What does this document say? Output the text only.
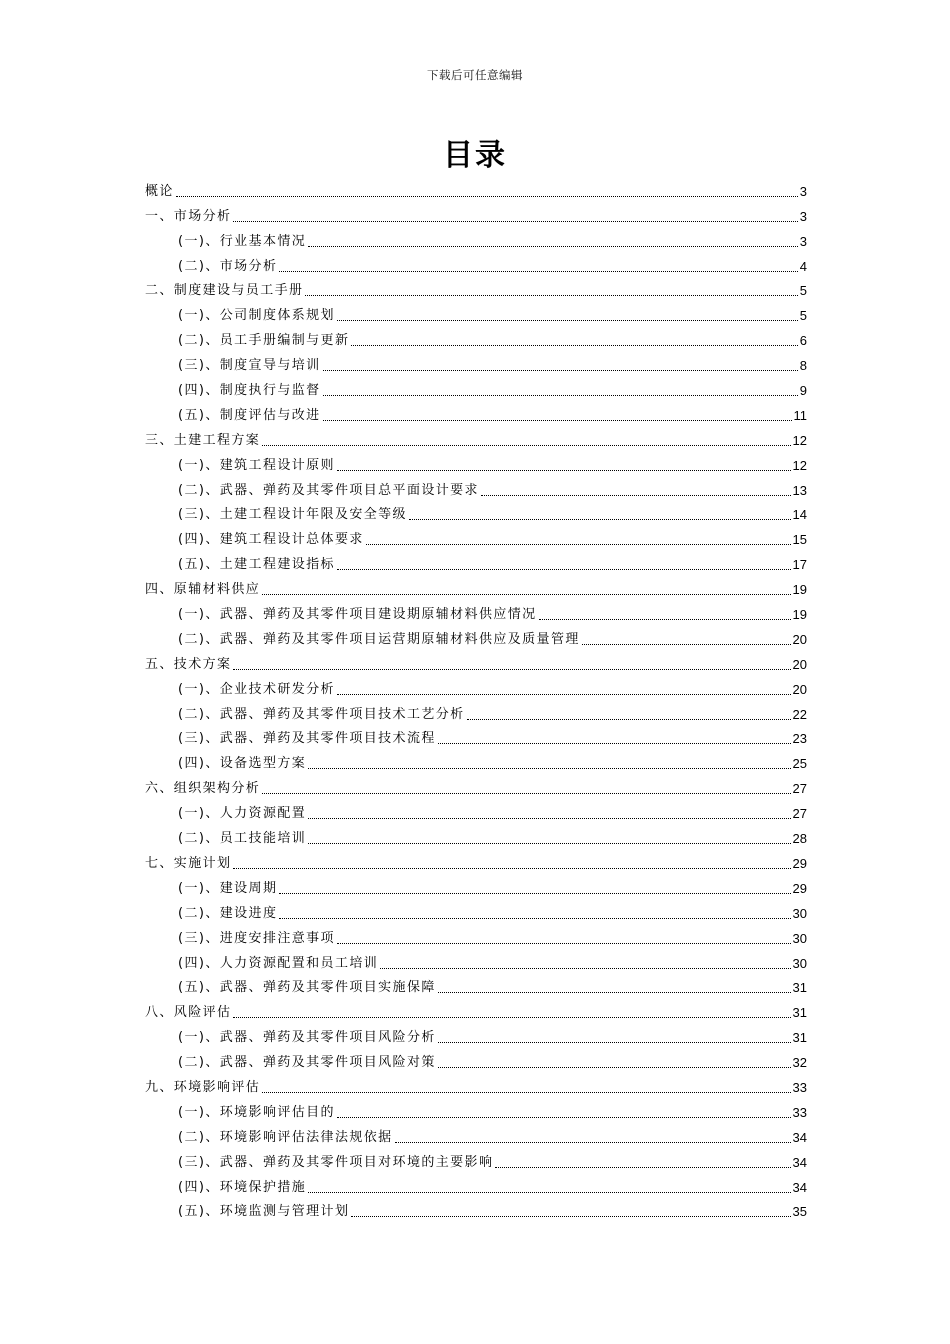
下载后可任意编辑
目录
概论	3
一、市场分析	3
(一)、行业基本情况	3
(二)、市场分析	4
二、制度建设与员工手册	5
(一)、公司制度体系规划	5
(二)、员工手册编制与更新	6
(三)、制度宣导与培训	8
(四)、制度执行与监督	9
(五)、制度评估与改进	11
三、土建工程方案	12
(一)、建筑工程设计原则	12
(二)、武器、弹药及其零件项目总平面设计要求	13
(三)、土建工程设计年限及安全等级	14
(四)、建筑工程设计总体要求	15
(五)、土建工程建设指标	17
四、原辅材料供应	19
(一)、武器、弹药及其零件项目建设期原辅材料供应情况	19
(二)、武器、弹药及其零件项目运营期原辅材料供应及质量管理	20
五、技术方案	20
(一)、企业技术研发分析	20
(二)、武器、弹药及其零件项目技术工艺分析	22
(三)、武器、弹药及其零件项目技术流程	23
(四)、设备选型方案	25
六、组织架构分析	27
(一)、人力资源配置	27
(二)、员工技能培训	28
七、实施计划	29
(一)、建设周期	29
(二)、建设进度	30
(三)、进度安排注意事项	30
(四)、人力资源配置和员工培训	30
(五)、武器、弹药及其零件项目实施保障	31
八、风险评估	31
(一)、武器、弹药及其零件项目风险分析	31
(二)、武器、弹药及其零件项目风险对策	32
九、环境影响评估	33
(一)、环境影响评估目的	33
(二)、环境影响评估法律法规依据	34
(三)、武器、弹药及其零件项目对环境的主要影响	34
(四)、环境保护措施	34
(五)、环境监测与管理计划	35
